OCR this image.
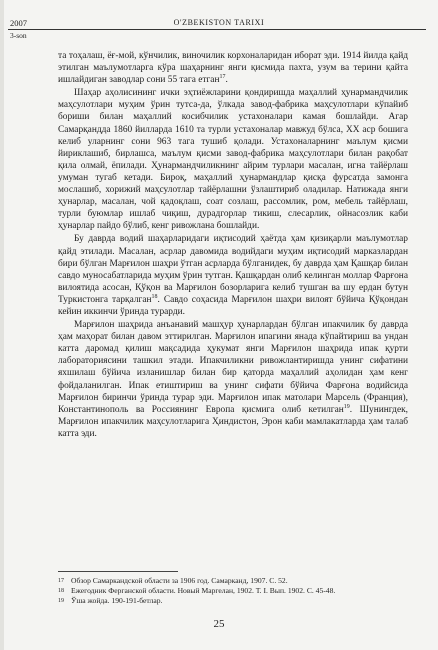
2007	O'ZBEKISTON TARIXI
3-son

та тоҳалаш, ёғ-мой, кўнчилик, виночилик корхоналаридан иборат эди. 1914 йилда қайд этилган маълумотларга кўра шаҳарнинг янги қисмида пахта, узум ва терини қайта ишлайдиган заводлар сони 55 тага етган$^{17}$.

Шаҳар аҳолисининг ички эҳтиёжларини қондиришда маҳаллий ҳунармандчилик маҳсулотлари муҳим ўрин тутса-да, ўлкада завод-фабрика маҳсулотлари кўпайиб бориши билан маҳаллий косибчилик устахоналари камая бошлайди. Агар Самарқандда 1860 йилларда 1610 та турли устахоналар мавжуд бўлса, ХХ аср бошига келиб уларнинг сони 963 тага тушиб қолади. Устахоналарнинг маълум қисми йириклашиб, бирлашса, маълум қисми завод-фабрика маҳсулотлари билан рақобат қила олмай, ёпилади. Ҳунармандчиликнинг айрим турлари масалан, игна тайёрлаш умуман тугаб кетади. Бироқ, маҳаллий ҳунармандлар қисқа фурсатда замонга мослашиб, хорижий маҳсулотлар тайёрлашни ўзлаштириб оладилар. Натижада янги ҳунарлар, масалан, чой қадоқлаш, соат созлаш, рассомлик, ром, мебель тайёрлаш, турли буюмлар ишлаб чиқиш, дурадгорлар тикиш, слесарлик, ойнасозлик каби ҳунарлар пайдо бўлиб, кенг ривожлана бошлайди.

Бу даврда водий шаҳарларидаги иқтисодий ҳаётда ҳам қизиқарли маълумотлар қайд этилади. Масалан, асрлар давомида водийдаги муҳим иқтисодий марказлардан бири бўлган Марғилон шаҳри ўтган асрларда бўлганидек, бу даврда ҳам Қашқар билан савдо муносабатларида муҳим ўрин тутган. Қашқардан олиб келинган моллар Фарғона вилоятида асосан, Қўқон ва Марғилон бозорларига келиб тушган ва шу ердан бутун Туркистонга тарқалган$^{18}$. Савдо соҳасида Марғилон шаҳри вилоят бўйича Қўқондан кейин иккинчи ўринда турарди.

Марғилон шаҳрида анъанавий машҳур ҳунарлардан бўлган ипакчилик бу даврда ҳам маҳорат билан давом эттирилган. Марғилон ипагини янада кўпайтириш ва ундан катта даромад қилиш мақсадида ҳукумат янги Марғилон шаҳрида ипак қурти лабораториясини ташкил этади. Ипакчиликни ривожлантиришда унинг сифатини яхшилаш бўйича изланишлар билан бир қаторда маҳаллий аҳолидан ҳам кенг фойдаланилган. Ипак етиштириш ва унинг сифати бўйича Фарғона водийсида Марғилон биринчи ўринда турар эди. Марғилон ипак матолари Марсель (Франция), Константинополь ва Россиянинг Европа қисмига олиб кетилган$^{19}$. Шунингдек, Марғилон ипакчилик маҳсулотларига Ҳиндистон, Эрон каби мамлакатларда ҳам талаб катта эди.

17 Обзор Самаркандской области за 1906 год. Самарканд, 1907. С. 52.
18 Ежегодник Ферганской области. Новый Маргелан, 1902. Т. I. Вып. 1902. С. 45-48.
19 Ўша жойда. 190-191-бетлар.
25
